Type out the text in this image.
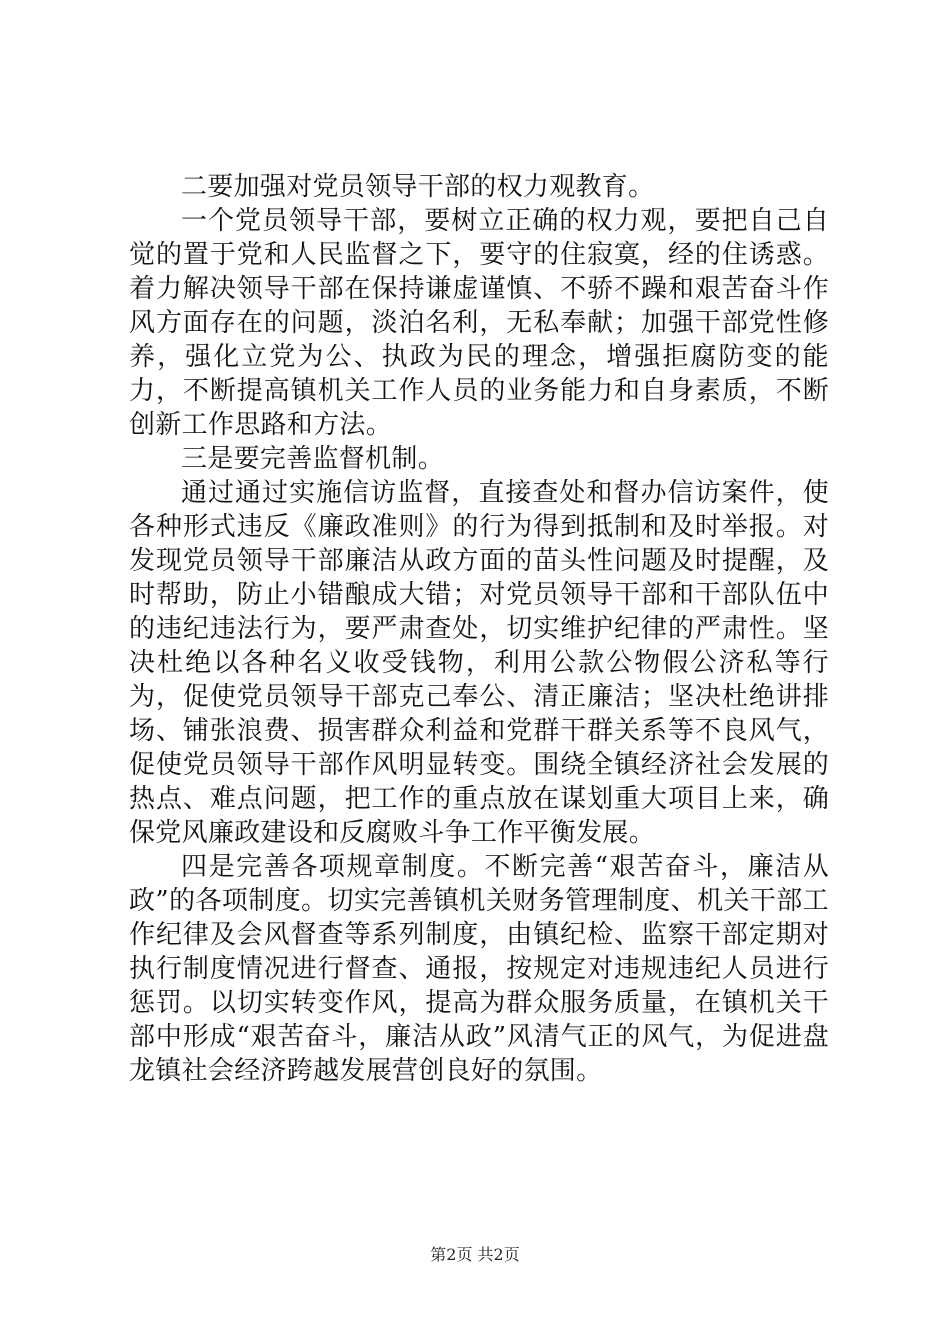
二要加强对党员领导干部的权力观教育。

一个党员领导干部，要树立正确的权力观，要把自己自觉的置于党和人民监督之下，要守的住寂寞，经的住诱惑。着力解决领导干部在保持谦虚谨慎、不骄不躁和艰苦奋斗作风方面存在的问题，淡泊名利，无私奉献；加强干部党性修养，强化立党为公、执政为民的理念，增强拒腐防变的能力，不断提高镇机关工作人员的业务能力和自身素质，不断创新工作思路和方法。

三是要完善监督机制。

通过通过实施信访监督，直接查处和督办信访案件，使各种形式违反《廉政准则》的行为得到抵制和及时举报。对发现党员领导干部廉洁从政方面的苗头性问题及时提醒，及时帮助，防止小错酿成大错；对党员领导干部和干部队伍中的违纪违法行为，要严肃查处，切实维护纪律的严肃性。坚决杜绝以各种名义收受钱物，利用公款公物假公济私等行为，促使党员领导干部克己奉公、清正廉洁；坚决杜绝讲排场、铺张浪费、损害群众利益和党群干群关系等不良风气，促使党员领导干部作风明显转变。围绕全镇经济社会发展的热点、难点问题，把工作的重点放在谋划重大项目上来，确保党风廉政建设和反腐败斗争工作平衡发展。

四是完善各项规章制度。不断完善“艰苦奋斗，廉洁从政”的各项制度。切实完善镇机关财务管理制度、机关干部工作纪律及会风督查等系列制度，由镇纪检、监察干部定期对执行制度情况进行督查、通报，按规定对违规违纪人员进行惩罚。以切实转变作风，提高为群众服务质量，在镇机关干部中形成“艰苦奋斗，廉洁从政”风清气正的风气，为促进盘龙镇社会经济跨越发展营创良好的氛围。

第2页 共2页
